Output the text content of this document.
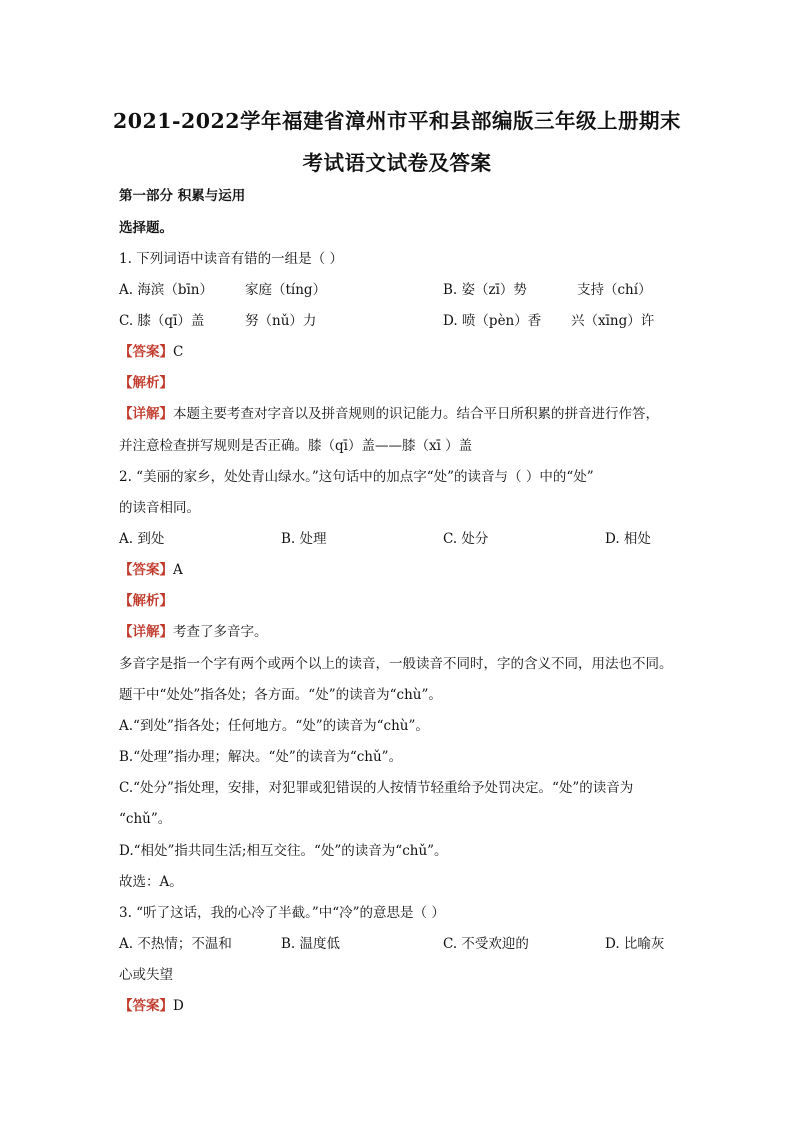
2021-2022学年福建省漳州市平和县部编版三年级上册期末
考试语文试卷及答案
第一部分 积累与运用
选择题。
1. 下列词语中读音有错的一组是（ ）
A. 海滨（bīn） 家庭（tíng）	B. 姿（zī）势	支持（chí）
C. 膝（qī）盖	努（nǔ）力	D. 喷（pèn）香 兴（xīng）许
【答案】C
【解析】
【详解】本题主要考查对字音以及拼音规则的识记能力。结合平日所积累的拼音进行作答，
并注意检查拼写规则是否正确。膝（qī）盖——膝（xī ）盖
2. “美丽的家乡，处处青山绿水。”这句话中的加点字“处”的读音与（ ）中的“处”
的读音相同。
A. 到处	B. 处理	C. 处分	D. 相处
【答案】A
【解析】
【详解】考查了多音字。
多音字是指一个字有两个或两个以上的读音，一般读音不同时，字的含义不同，用法也不同。
题干中“处处”指各处；各方面。“处”的读音为“chù”。
A.“到处”指各处；任何地方。“处”的读音为“chù”。
B.“处理”指办理；解决。“处”的读音为“chǔ”。
C.“处分”指处理，安排，对犯罪或犯错误的人按情节轻重给予处罚决定。“处”的读音为
“chǔ”。
D.“相处”指共同生活;相互交往。“处”的读音为“chǔ”。
故选：A。
3. “听了这话，我的心冷了半截。”中“冷”的意思是（ ）
A. 不热情；不温和	B. 温度低	C. 不受欢迎的	D. 比喻灰
心或失望
【答案】D
